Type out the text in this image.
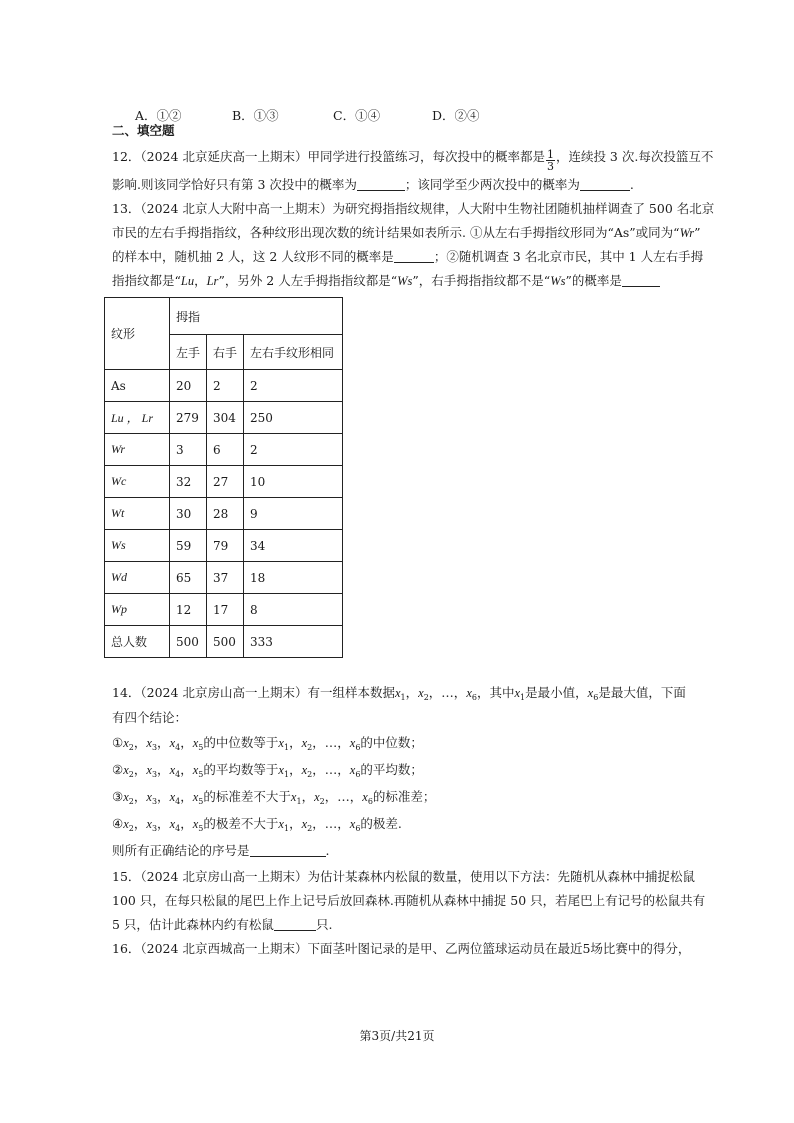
A．①②	B．①③	C．①④	D．②④
二、填空题
12．（2024 北京延庆高一上期末）甲同学进行投篮练习，每次投中的概率都是 $\frac{1}{3}$ ，连续投 3 次.每次投篮互不
影响.则该同学恰好只有第 3 次投中的概率为	；该同学至少两次投中的概率为	.
13．（2024 北京人大附中高一上期末）为研究拇指指纹规律，人大附中生物社团随机抽样调查了 500 名北京
市民的左右手拇指指纹，各种纹形出现次数的统计结果如表所示. ①从左右手拇指纹形同为“As”或同为“Wr”
的样本中，随机抽 2 人，这 2 人纹形不同的概率是	；②随机调查 3 名北京市民，其中 1 人左右手拇
指指纹都是“Lu，Lr”，另外 2 人左手拇指指纹都是“Ws”，右手拇指指纹都不是“Ws”的概率是
纹形	拇指		
	左手	右手	左右手纹形相同
As	20	2	2
Lu ， Lr	279	304	250
Wr	3	6	2
Wc	32	27	10
Wt	30	28	9
Ws	59	79	34
Wd	65	37	18
Wp	12	17	8
总人数	500	500	333
14．（2024 北京房山高一上期末）有一组样本数据$x_1$，$x_2$，…，$x_6$，其中$x_1$是最小值，$x_6$是最大值，下面
有四个结论：
$①x_2$，$x_3$，$x_4$，$x_5$的中位数等于$x_1$，$x_2$，…，$x_6$的中位数；
$②x_2$，$x_3$，$x_4$，$x_5$的平均数等于$x_1$，$x_2$，…，$x_6$的平均数；
$③x_2$，$x_3$，$x_4$，$x_5$的标准差不大于$x_1$，$x_2$，…，$x_6$的标准差；
$④x_2$，$x_3$，$x_4$，$x_5$的极差不大于$x_1$，$x_2$，…，$x_6$的极差.
则所有正确结论的序号是	.
15．（2024 北京房山高一上期末）为估计某森林内松鼠的数量，使用以下方法：先随机从森林中捕捉松鼠
100 只，在每只松鼠的尾巴上作上记号后放回森林.再随机从森林中捕捉 50 只，若尾巴上有记号的松鼠共有
5 只，估计此森林内约有松鼠	只.
16．（2024 北京西城高一上期末）下面茎叶图记录的是甲、乙两位篮球运动员在最近5场比赛中的得分，
第3页/共21页
